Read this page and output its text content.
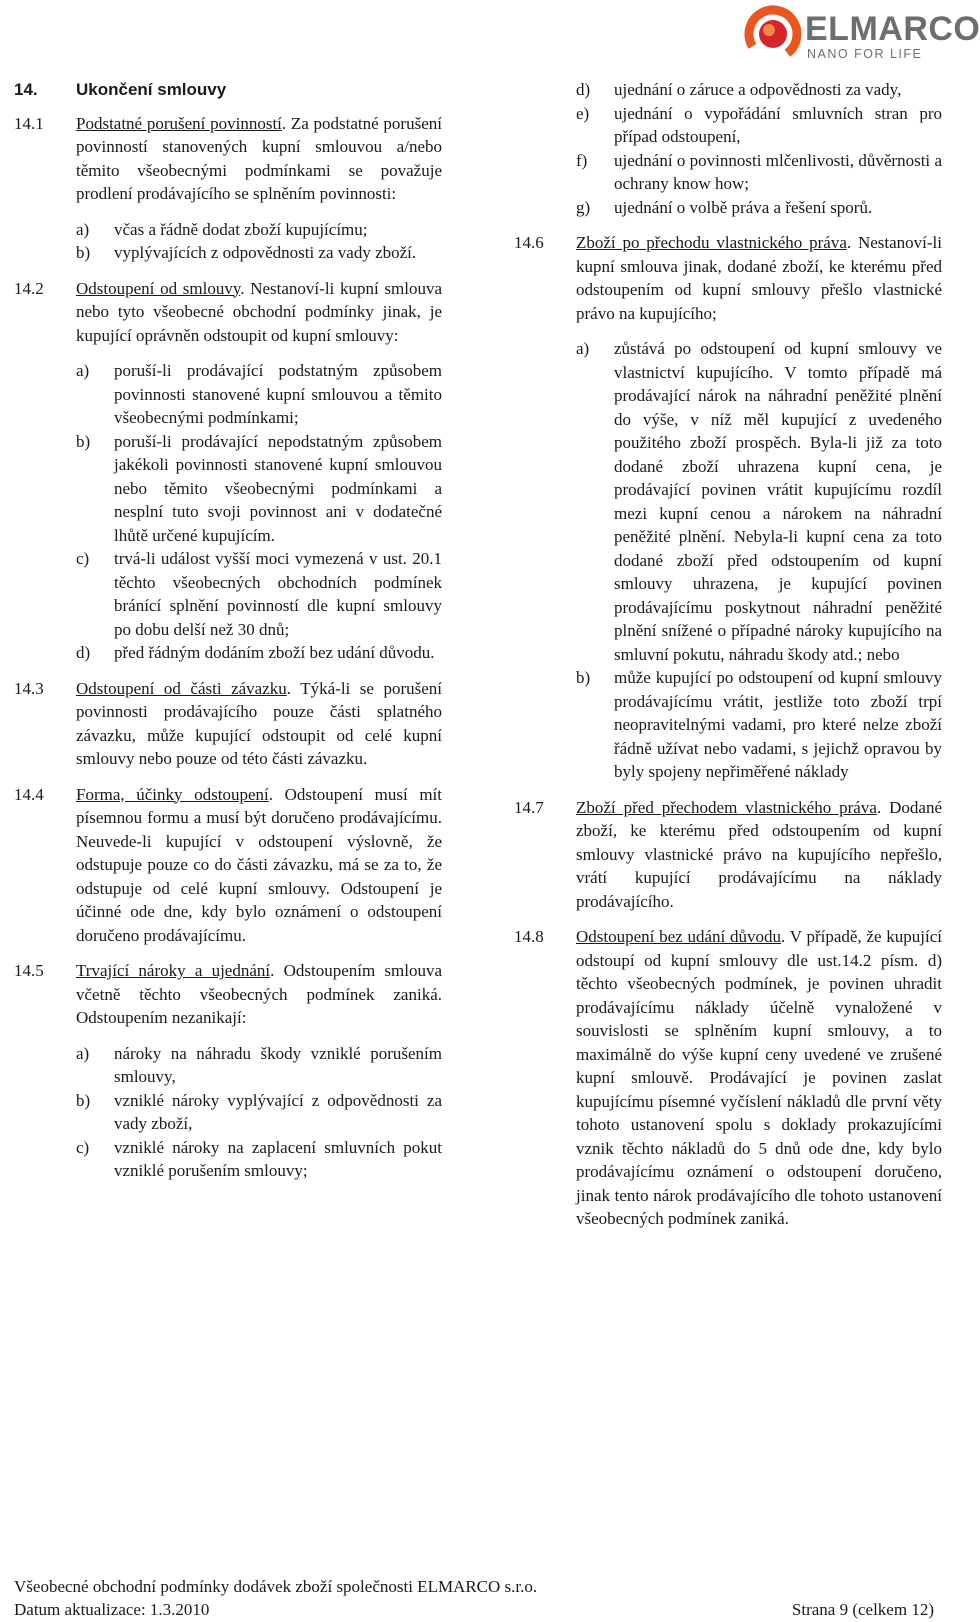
ELMARCO
NANO FOR LIFE
14.	Ukončení smlouvy
14.1	Podstatné porušení povinností. Za podstatné porušení povinností stanovených kupní smlouvou a/nebo těmito všeobecnými podmínkami se považuje prodlení prodávajícího se splněním povinnosti:
a)	včas a řádně dodat zboží kupujícímu;
b)	vyplývajících z odpovědnosti za vady zboží.
14.2	Odstoupení od smlouvy. Nestanoví-li kupní smlouva nebo tyto všeobecné obchodní podmínky jinak, je kupující oprávněn odstoupit od kupní smlouvy:
a)	poruší-li prodávající podstatným způsobem povinnosti stanovené kupní smlouvou a těmito všeobecnými podmínkami;
b)	poruší-li prodávající nepodstatným způsobem jakékoli povinnosti stanovené kupní smlouvou nebo těmito všeobecnými podmínkami a nesplní tuto svoji povinnost ani v dodatečné lhůtě určené kupujícím.
c)	trvá-li událost vyšší moci vymezená v ust. 20.1 těchto všeobecných obchodních podmínek bránící splnění povinností dle kupní smlouvy po dobu delší než 30 dnů;
d)	před řádným dodáním zboží bez udání důvodu.
14.3	Odstoupení od části závazku. Týká-li se porušení povinnosti prodávajícího pouze části splatného závazku, může kupující odstoupit od celé kupní smlouvy nebo pouze od této části závazku.
14.4	Forma, účinky odstoupení. Odstoupení musí mít písemnou formu a musí být doručeno prodávajícímu. Neuvede-li kupující v odstoupení výslovně, že odstupuje pouze co do části závazku, má se za to, že odstupuje od celé kupní smlouvy. Odstoupení je účinné ode dne, kdy bylo oznámení o odstoupení doručeno prodávajícímu.
14.5	Trvající nároky a ujednání. Odstoupením smlouva včetně těchto všeobecných podmínek zaniká. Odstoupením nezanikají:
a)	nároky na náhradu škody vzniklé porušením smlouvy,
b)	vzniklé nároky vyplývající z odpovědnosti za vady zboží,
c)	vzniklé nároky na zaplacení smluvních pokut vzniklé porušením smlouvy;
d)	ujednání o záruce a odpovědnosti za vady,
e)	ujednání o vypořádání smluvních stran pro případ odstoupení,
f)	ujednání o povinnosti mlčenlivosti, důvěrnosti a ochrany know how;
g)	ujednání o volbě práva a řešení sporů.
14.6	Zboží po přechodu vlastnického práva. Nestanoví-li kupní smlouva jinak, dodané zboží, ke kterému před odstoupením od kupní smlouvy přešlo vlastnické právo na kupujícího;
a)	zůstává po odstoupení od kupní smlouvy ve vlastnictví kupujícího. V tomto případě má prodávající nárok na náhradní peněžité plnění do výše, v níž měl kupující z uvedeného použitého zboží prospěch. Byla-li již za toto dodané zboží uhrazena kupní cena, je prodávající povinen vrátit kupujícímu rozdíl mezi kupní cenou a nárokem na náhradní peněžité plnění. Nebyla-li kupní cena za toto dodané zboží před odstoupením od kupní smlouvy uhrazena, je kupující povinen prodávajícímu poskytnout náhradní peněžité plnění snížené o případné nároky kupujícího na smluvní pokutu, náhradu škody atd.; nebo
b)	může kupující po odstoupení od kupní smlouvy prodávajícímu vrátit, jestliže toto zboží trpí neopravitelnými vadami, pro které nelze zboží řádně užívat nebo vadami, s jejichž opravou by byly spojeny nepřiměřené náklady
14.7	Zboží před přechodem vlastnického práva. Dodané zboží, ke kterému před odstoupením od kupní smlouvy vlastnické právo na kupujícího nepřešlo, vrátí kupující prodávajícímu na náklady prodávajícího.
14.8	Odstoupení bez udání důvodu. V případě, že kupující odstoupí od kupní smlouvy dle ust.14.2 písm. d) těchto všeobecných podmínek, je povinen uhradit prodávajícímu náklady účelně vynaložené v souvislosti se splněním kupní smlouvy, a to maximálně do výše kupní ceny uvedené ve zrušené kupní smlouvě. Prodávající je povinen zaslat kupujícímu písemné vyčíslení nákladů dle první věty tohoto ustanovení spolu s doklady prokazujícími vznik těchto nákladů do 5 dnů ode dne, kdy bylo prodávajícímu oznámení o odstoupení doručeno, jinak tento nárok prodávajícího dle tohoto ustanovení všeobecných podmínek zaniká.
Všeobecné obchodní podmínky dodávek zboží společnosti ELMARCO s.r.o.
Datum aktualizace: 1.3.2010	Strana 9 (celkem 12)
